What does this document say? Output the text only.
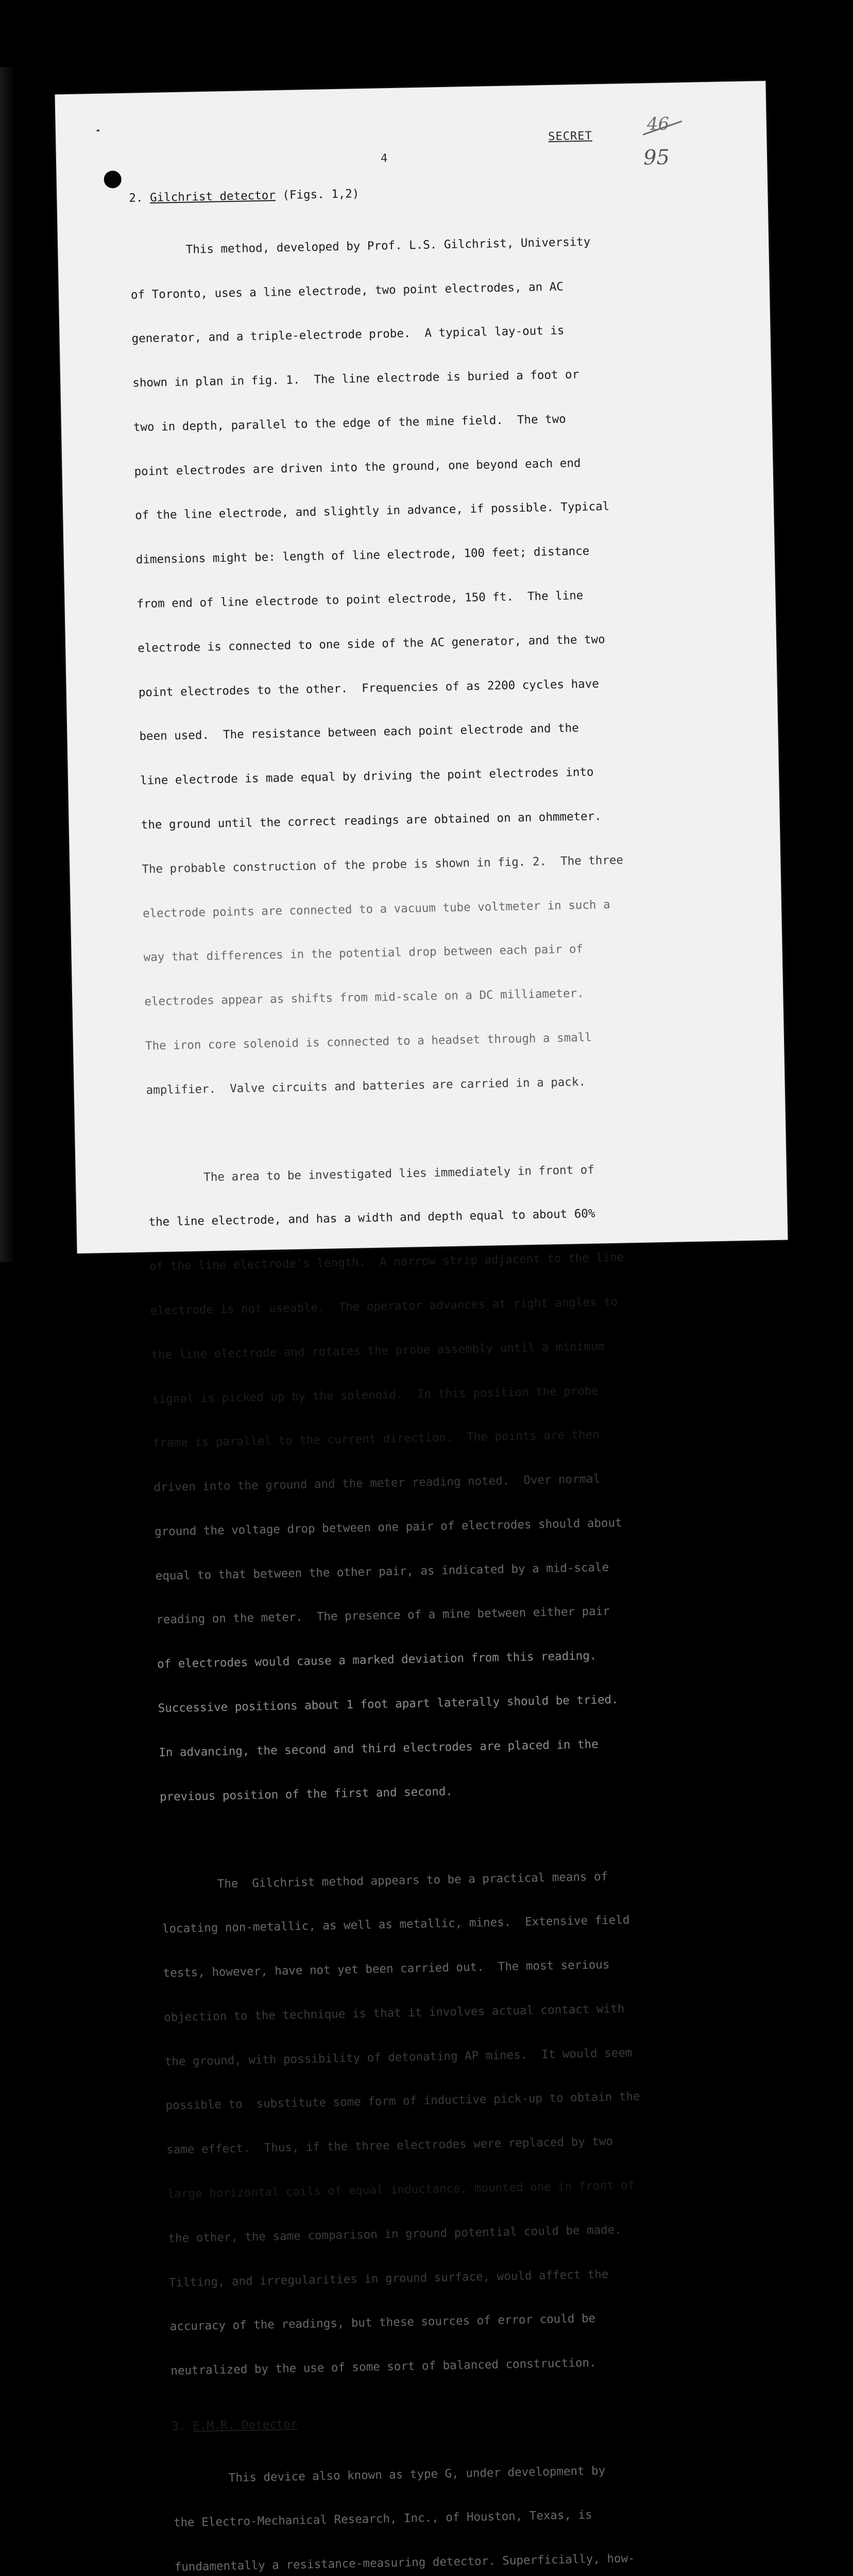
SECRET
4
46
95
2. Gilchrist detector (Figs. 1,2)

This method, developed by Prof. L.S. Gilchrist, University

of Toronto, uses a line electrode, two point electrodes, an AC

generator, and a triple-electrode probe.  A typical lay-out is

shown in plan in fig. 1.  The line electrode is buried a foot or

two in depth, parallel to the edge of the mine field.  The two

point electrodes are driven into the ground, one beyond each end

of the line electrode, and slightly in advance, if possible. Typical

dimensions might be: length of line electrode, 100 feet; distance

from end of line electrode to point electrode, 150 ft.  The line

electrode is connected to one side of the AC generator, and the two

point electrodes to the other.  Frequencies of as 2200 cycles have

been used.  The resistance between each point electrode and the

line electrode is made equal by driving the point electrodes into

the ground until the correct readings are obtained on an ohmmeter.

The probable construction of the probe is shown in fig. 2.  The three

electrode points are connected to a vacuum tube voltmeter in such a

way that differences in the potential drop between each pair of

electrodes appear as shifts from mid-scale on a DC milliameter.

The iron core solenoid is connected to a headset through a small

amplifier.  Valve circuits and batteries are carried in a pack.

The area to be investigated lies immediately in front of

the line electrode, and has a width and depth equal to about 60%

of the line electrode's length.  A narrow strip adjacent to the line

electrode is not useable.  The operator advances at right angles to

the line electrode and rotates the probe assembly until a minimum

signal is picked up by the solenoid.  In this position the probe

frame is parallel to the current direction.  The points are then

driven into the ground and the meter reading noted.  Over normal

ground the voltage drop between one pair of electrodes should about

equal to that between the other pair, as indicated by a mid-scale

reading on the meter.  The presence of a mine between either pair

of electrodes would cause a marked deviation from this reading.

Successive positions about 1 foot apart laterally should be tried.

In advancing, the second and third electrodes are placed in the

previous position of the first and second.

The  Gilchrist method appears to be a practical means of

locating non-metallic, as well as metallic, mines.  Extensive field

tests, however, have not yet been carried out.  The most serious

objection to the technique is that it involves actual contact with

the ground, with possibility of detonating AP mines.  It would seem

possible to  substitute some form of inductive pick-up to obtain the

same effect.  Thus, if the three electrodes were replaced by two

large horizontal coils of equal inductance, mounted one in front of

the other, the same comparison in ground potential could be made.

Tilting, and irregularities in ground surface, would affect the

accuracy of the readings, but these sources of error could be

neutralized by the use of some sort of balanced construction.

3. E.M.R. Detector

This device also known as type G, under development by

the Electro-Mechanical Research, Inc., of Houston, Texas, is

fundamentally a resistance-measuring detector. Superficially, how-
